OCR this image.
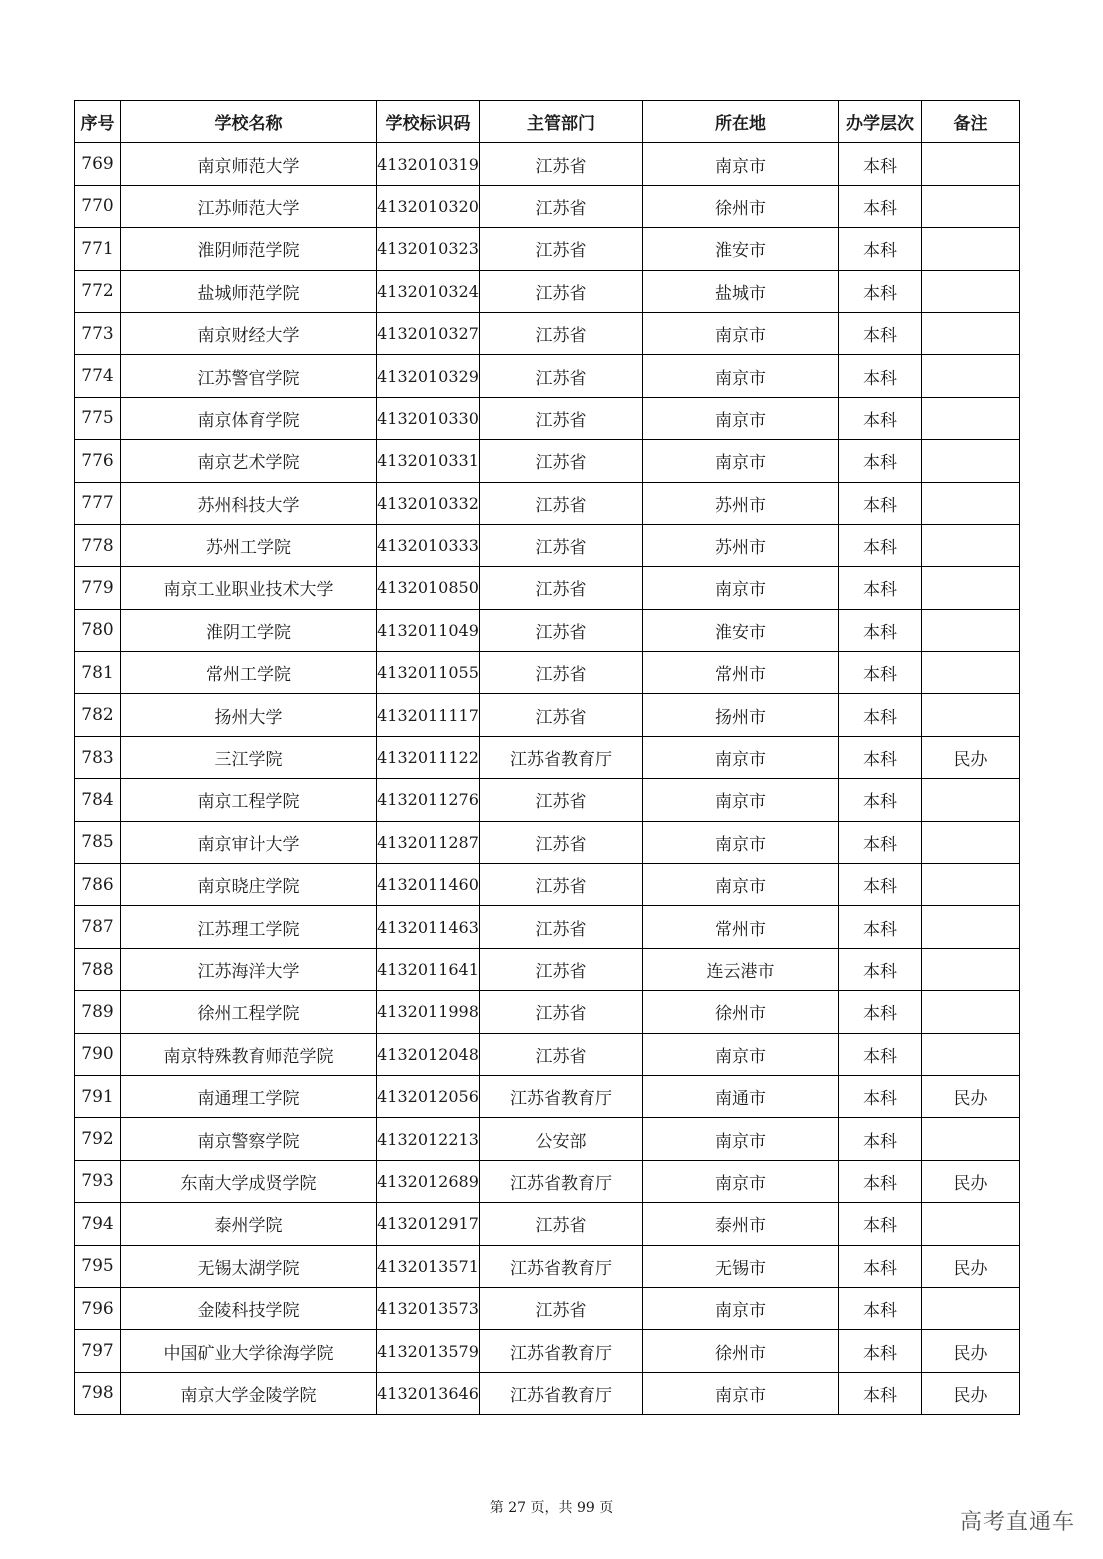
序号	学校名称	学校标识码	主管部门	所在地	办学层次	备注
769	南京师范大学	4132010319	江苏省	南京市	本科	
770	江苏师范大学	4132010320	江苏省	徐州市	本科	
771	淮阴师范学院	4132010323	江苏省	淮安市	本科	
772	盐城师范学院	4132010324	江苏省	盐城市	本科	
773	南京财经大学	4132010327	江苏省	南京市	本科	
774	江苏警官学院	4132010329	江苏省	南京市	本科	
775	南京体育学院	4132010330	江苏省	南京市	本科	
776	南京艺术学院	4132010331	江苏省	南京市	本科	
777	苏州科技大学	4132010332	江苏省	苏州市	本科	
778	苏州工学院	4132010333	江苏省	苏州市	本科	
779	南京工业职业技术大学	4132010850	江苏省	南京市	本科	
780	淮阴工学院	4132011049	江苏省	淮安市	本科	
781	常州工学院	4132011055	江苏省	常州市	本科	
782	扬州大学	4132011117	江苏省	扬州市	本科	
783	三江学院	4132011122	江苏省教育厅	南京市	本科	民办
784	南京工程学院	4132011276	江苏省	南京市	本科	
785	南京审计大学	4132011287	江苏省	南京市	本科	
786	南京晓庄学院	4132011460	江苏省	南京市	本科	
787	江苏理工学院	4132011463	江苏省	常州市	本科	
788	江苏海洋大学	4132011641	江苏省	连云港市	本科	
789	徐州工程学院	4132011998	江苏省	徐州市	本科	
790	南京特殊教育师范学院	4132012048	江苏省	南京市	本科	
791	南通理工学院	4132012056	江苏省教育厅	南通市	本科	民办
792	南京警察学院	4132012213	公安部	南京市	本科	
793	东南大学成贤学院	4132012689	江苏省教育厅	南京市	本科	民办
794	泰州学院	4132012917	江苏省	泰州市	本科	
795	无锡太湖学院	4132013571	江苏省教育厅	无锡市	本科	民办
796	金陵科技学院	4132013573	江苏省	南京市	本科	
797	中国矿业大学徐海学院	4132013579	江苏省教育厅	徐州市	本科	民办
798	南京大学金陵学院	4132013646	江苏省教育厅	南京市	本科	民办
第 27 页，共 99 页
高考直通车
